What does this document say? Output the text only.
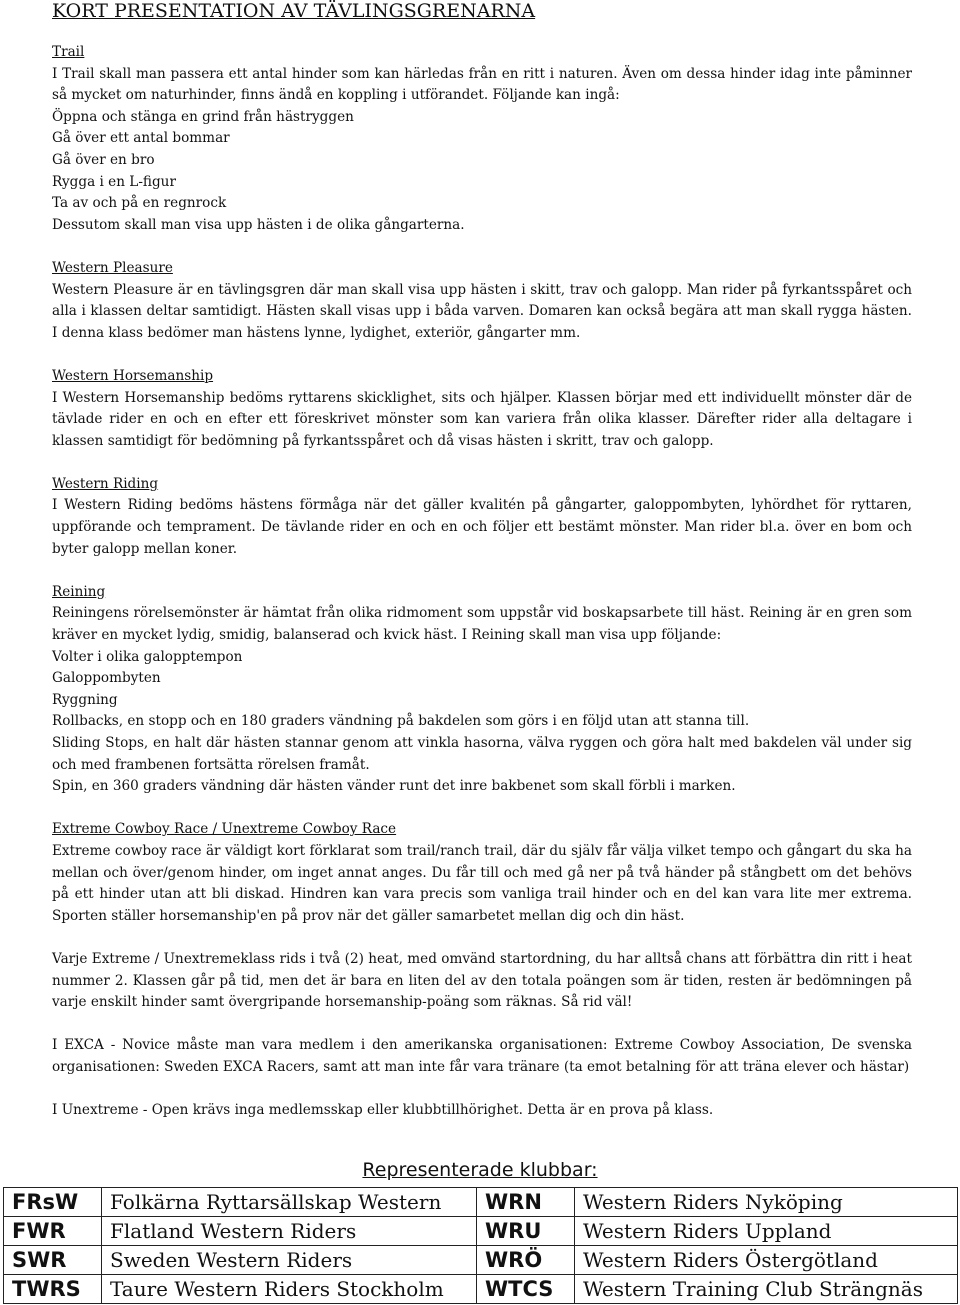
KORT PRESENTATION AV TÄVLINGSGRENARNA

Trail

I Trail skall man passera ett antal hinder som kan härledas från en ritt i naturen. Även om dessa hinder idag inte påminner så mycket om naturhinder, finns ändå en koppling i utförandet. Följande kan ingå:

Öppna och stänga en grind från hästryggen

Gå över ett antal bommar

Gå över en bro

Rygga i en L-figur

Ta av och på en regnrock

Dessutom skall man visa upp hästen i de olika gångarterna.

Western Pleasure

Western Pleasure är en tävlingsgren där man skall visa upp hästen i skitt, trav och galopp. Man rider på fyrkantsspåret och alla i klassen deltar samtidigt. Hästen skall visas upp i båda varven. Domaren kan också begära att man skall rygga hästen. I denna klass bedömer man hästens lynne, lydighet, exteriör, gångarter mm.

Western Horsemanship

I Western Horsemanship bedöms ryttarens skicklighet, sits och hjälper. Klassen börjar med ett individuellt mönster där de tävlade rider en och en efter ett föreskrivet mönster som kan variera från olika klasser. Därefter rider alla deltagare i klassen samtidigt för bedömning på fyrkantsspåret och då visas hästen i skritt, trav och galopp.

Western Riding

I Western Riding bedöms hästens förmåga när det gäller kvalitén på gångarter, galoppombyten, lyhördhet för ryttaren, uppförande och temprament. De tävlande rider en och en och följer ett bestämt mönster. Man rider bl.a. över en bom och byter galopp mellan koner.

Reining

Reiningens rörelsemönster är hämtat från olika ridmoment som uppstår vid boskapsarbete till häst. Reining är en gren som kräver en mycket lydig, smidig, balanserad och kvick häst. I Reining skall man visa upp följande:

Volter i olika galopptempon

Galoppombyten

Ryggning

Rollbacks, en stopp och en 180 graders vändning på bakdelen som görs i en följd utan att stanna till.

Sliding Stops, en halt där hästen stannar genom att vinkla hasorna, välva ryggen och göra halt med bakdelen väl under sig och med frambenen fortsätta rörelsen framåt.

Spin, en 360 graders vändning där hästen vänder runt det inre bakbenet som skall förbli i marken.

Extreme Cowboy Race / Unextreme Cowboy Race

Extreme cowboy race är väldigt kort förklarat som trail/ranch trail, där du själv får välja vilket tempo och gångart du ska ha mellan och över/genom hinder, om inget annat anges. Du får till och med gå ner på två händer på stångbett om det behövs på ett hinder utan att bli diskad. Hindren kan vara precis som vanliga trail hinder och en del kan vara lite mer extrema. Sporten ställer horsemanship'en på prov när det gäller samarbetet mellan dig och din häst.

Varje Extreme / Unextremeklass rids i två (2) heat, med omvänd startordning, du har alltså chans att förbättra din ritt i heat nummer 2. Klassen går på tid, men det är bara en liten del av den totala poängen som är tiden, resten är bedömningen på varje enskilt hinder samt övergripande horsemanship-poäng som räknas. Så rid väl!

I EXCA - Novice måste man vara medlem i den amerikanska organisationen: Extreme Cowboy Association, De svenska organisationen: Sweden EXCA Racers, samt att man inte får vara tränare (ta emot betalning för att träna elever och hästar)

I Unextreme - Open krävs inga medlemsskap eller klubbtillhörighet. Detta är en prova på klass.

Representerade klubbar:
FRsW	Folkärna Ryttarsällskap Western	WRN	Western Riders Nyköping
FWR	Flatland Western Riders	WRU	Western Riders Uppland
SWR	Sweden Western Riders	WRÖ	Western Riders Östergötland
TWRS	Taure Western Riders Stockholm	WTCS	Western Training Club Strängnäs
